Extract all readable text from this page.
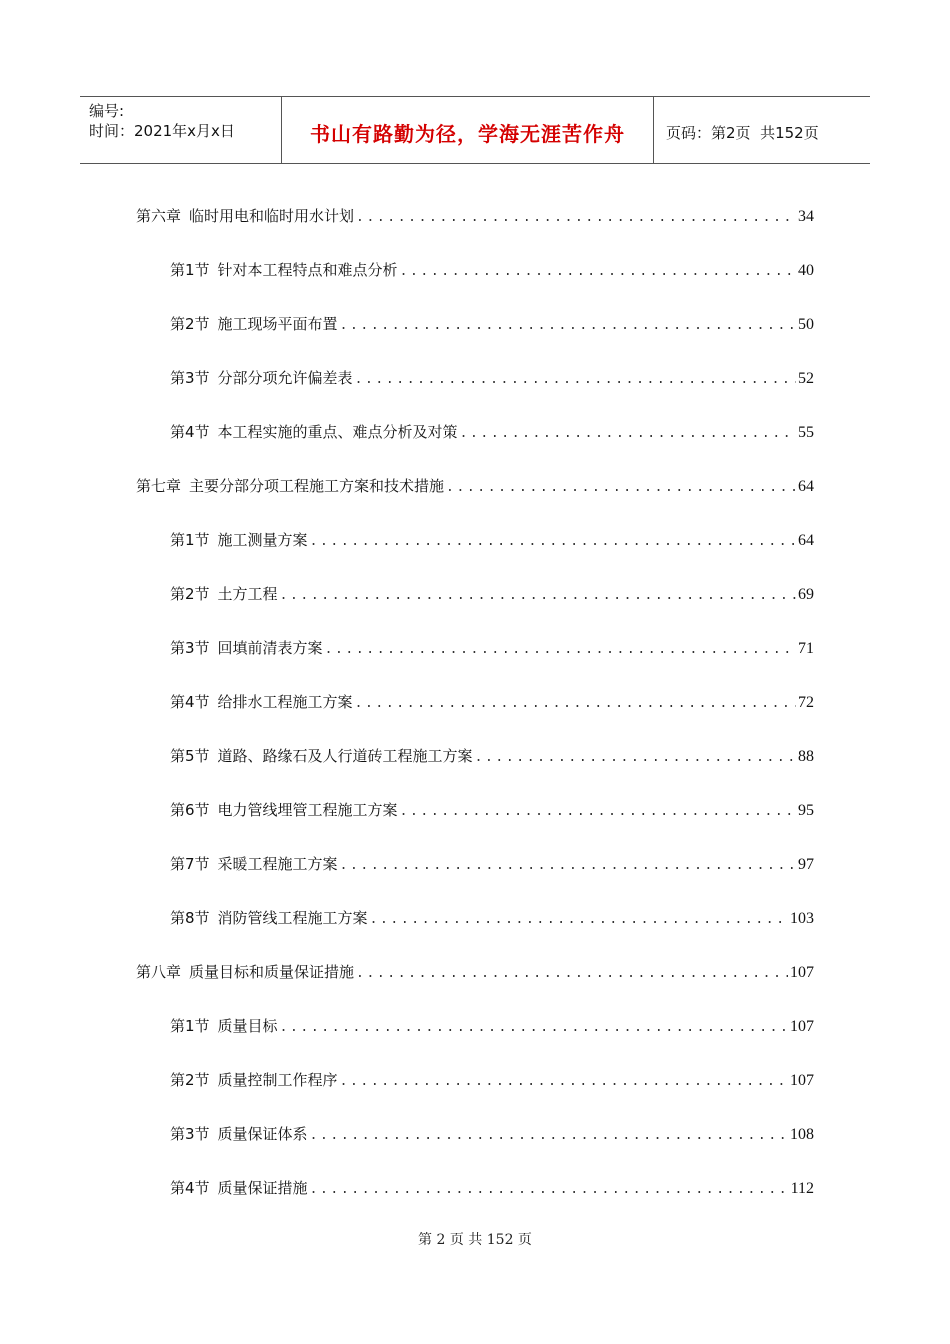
编号:
时间：2021年x月x日	书山有路勤为径，学海无涯苦作舟	页码：第2页  共152页
第六章 临时用电和临时用水计划 .....	34
第1节 针对本工程特点和难点分析 .....	40
第2节 施工现场平面布置 .....	50
第3节 分部分项允许偏差表 .....	52
第4节 本工程实施的重点、难点分析及对策 .....	55
第七章 主要分部分项工程施工方案和技术措施 .....	64
第1节 施工测量方案 .....	64
第2节 土方工程 .....	69
第3节 回填前清表方案 .....	71
第4节 给排水工程施工方案 .....	72
第5节 道路、路缘石及人行道砖工程施工方案 .....	88
第6节 电力管线埋管工程施工方案 .....	95
第7节 采暖工程施工方案 .....	97
第8节 消防管线工程施工方案 .....	103
第八章 质量目标和质量保证措施 .....	107
第1节 质量目标 .....	107
第2节 质量控制工作程序 .....	107
第3节 质量保证体系 .....	108
第4节 质量保证措施 .....	112
第 2 页 共 152 页
